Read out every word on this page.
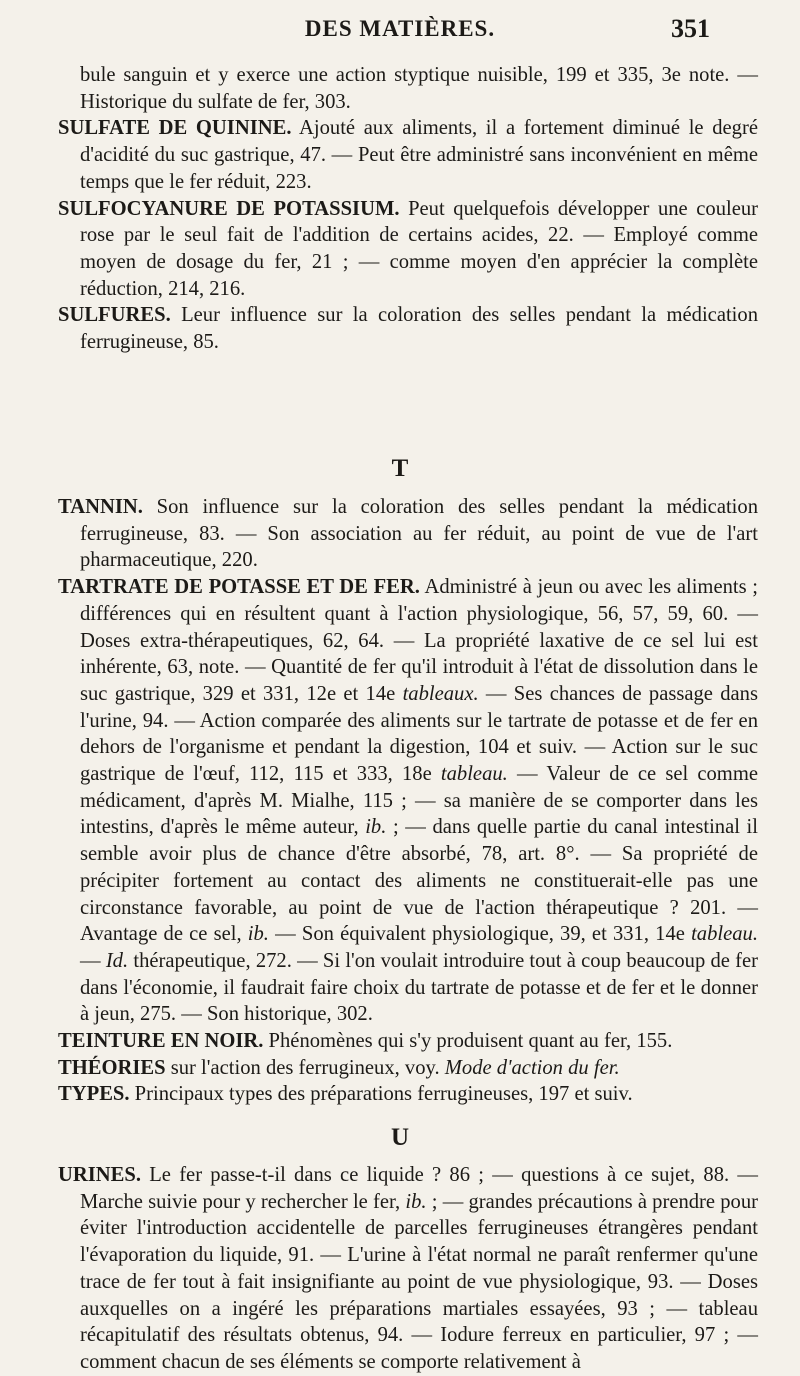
DES MATIÈRES.	351

bule sanguin et y exerce une action styptique nuisible, 199 et 335, 3e note. — Historique du sulfate de fer, 303.

SULFATE DE QUININE. Ajouté aux aliments, il a fortement diminué le degré d'acidité du suc gastrique, 47. — Peut être administré sans inconvénient en même temps que le fer réduit, 223.

SULFOCYANURE DE POTASSIUM. Peut quelquefois développer une couleur rose par le seul fait de l'addition de certains acides, 22. — Employé comme moyen de dosage du fer, 21 ; — comme moyen d'en apprécier la complète réduction, 214, 216.

SULFURES. Leur influence sur la coloration des selles pendant la médication ferrugineuse, 85.

T

TANNIN. Son influence sur la coloration des selles pendant la médication ferrugineuse, 83. — Son association au fer réduit, au point de vue de l'art pharmaceutique, 220.

TARTRATE DE POTASSE ET DE FER. Administré à jeun ou avec les aliments ; différences qui en résultent quant à l'action physiologique, 56, 57, 59, 60. — Doses extra-thérapeutiques, 62, 64. — La propriété laxative de ce sel lui est inhérente, 63, note. — Quantité de fer qu'il introduit à l'état de dissolution dans le suc gastrique, 329 et 331, 12e et 14e tableaux. — Ses chances de passage dans l'urine, 94. — Action comparée des aliments sur le tartrate de potasse et de fer en dehors de l'organisme et pendant la digestion, 104 et suiv. — Action sur le suc gastrique de l'œuf, 112, 115 et 333, 18e tableau. — Valeur de ce sel comme médicament, d'après M. Mialhe, 115 ; — sa manière de se comporter dans les intestins, d'après le même auteur, ib. ; — dans quelle partie du canal intestinal il semble avoir plus de chance d'être absorbé, 78, art. 8°. — Sa propriété de précipiter fortement au contact des aliments ne constituerait-elle pas une circonstance favorable, au point de vue de l'action thérapeutique ? 201. — Avantage de ce sel, ib. — Son équivalent physiologique, 39, et 331, 14e tableau. — Id. thérapeutique, 272. — Si l'on voulait introduire tout à coup beaucoup de fer dans l'économie, il faudrait faire choix du tartrate de potasse et de fer et le donner à jeun, 275. — Son historique, 302.

TEINTURE EN NOIR. Phénomènes qui s'y produisent quant au fer, 155.

THÉORIES sur l'action des ferrugineux, voy. Mode d'action du fer.

TYPES. Principaux types des préparations ferrugineuses, 197 et suiv.

U

URINES. Le fer passe-t-il dans ce liquide ? 86 ; — questions à ce sujet, 88. — Marche suivie pour y rechercher le fer, ib. ; — grandes précautions à prendre pour éviter l'introduction accidentelle de parcelles ferrugineuses étrangères pendant l'évaporation du liquide, 91. — L'urine à l'état normal ne paraît renfermer qu'une trace de fer tout à fait insignifiante au point de vue physiologique, 93. — Doses auxquelles on a ingéré les préparations martiales essayées, 93 ; — tableau récapitulatif des résultats obtenus, 94. — Iodure ferreux en particulier, 97 ; — comment chacun de ses éléments se comporte relativement à
